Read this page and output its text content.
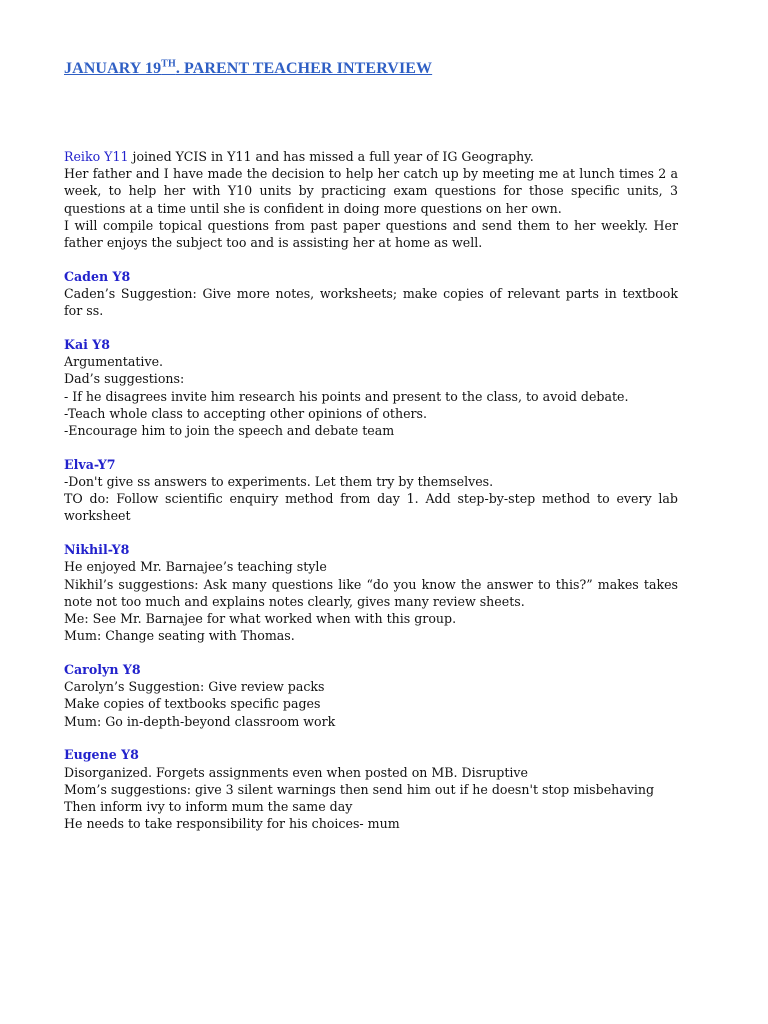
JANUARY 19TH. PARENT TEACHER INTERVIEW

Reiko Y11 joined YCIS in Y11 and has missed a full year of IG Geography.

Her father and I have made the decision to help her catch up by meeting me at lunch times 2 a week, to help her with Y10 units by practicing exam questions for those specific units, 3 questions at a time until she is confident in doing more questions on her own.

I will compile topical questions from past paper questions and send them to her weekly. Her father enjoys the subject too and is assisting her at home as well.

Caden Y8

Caden’s Suggestion: Give more notes, worksheets; make copies of relevant parts in textbook for ss.

Kai Y8

Argumentative.

Dad’s suggestions:

- If he disagrees invite him research his points and present to the class, to avoid debate.

-Teach whole class to accepting other opinions of others.

-Encourage him to join the speech and debate team

Elva-Y7

-Don't give ss answers to experiments. Let them try by themselves.

TO do: Follow scientific enquiry method from day 1. Add step-by-step method to every lab worksheet

Nikhil-Y8

He enjoyed Mr. Barnajee’s teaching style

Nikhil’s suggestions: Ask many questions like “do you know the answer to this?” makes takes note not too much and explains notes clearly, gives many review sheets.

Me: See Mr. Barnajee for what worked when with this group.

Mum: Change seating with Thomas.

Carolyn Y8

Carolyn’s Suggestion: Give review packs

Make copies of textbooks specific pages

Mum: Go in-depth-beyond classroom work

Eugene Y8

Disorganized. Forgets assignments even when posted on MB. Disruptive

Mom’s suggestions: give 3 silent warnings then send him out if he doesn't stop misbehaving

Then inform ivy to inform mum the same day

He needs to take responsibility for his choices- mum
